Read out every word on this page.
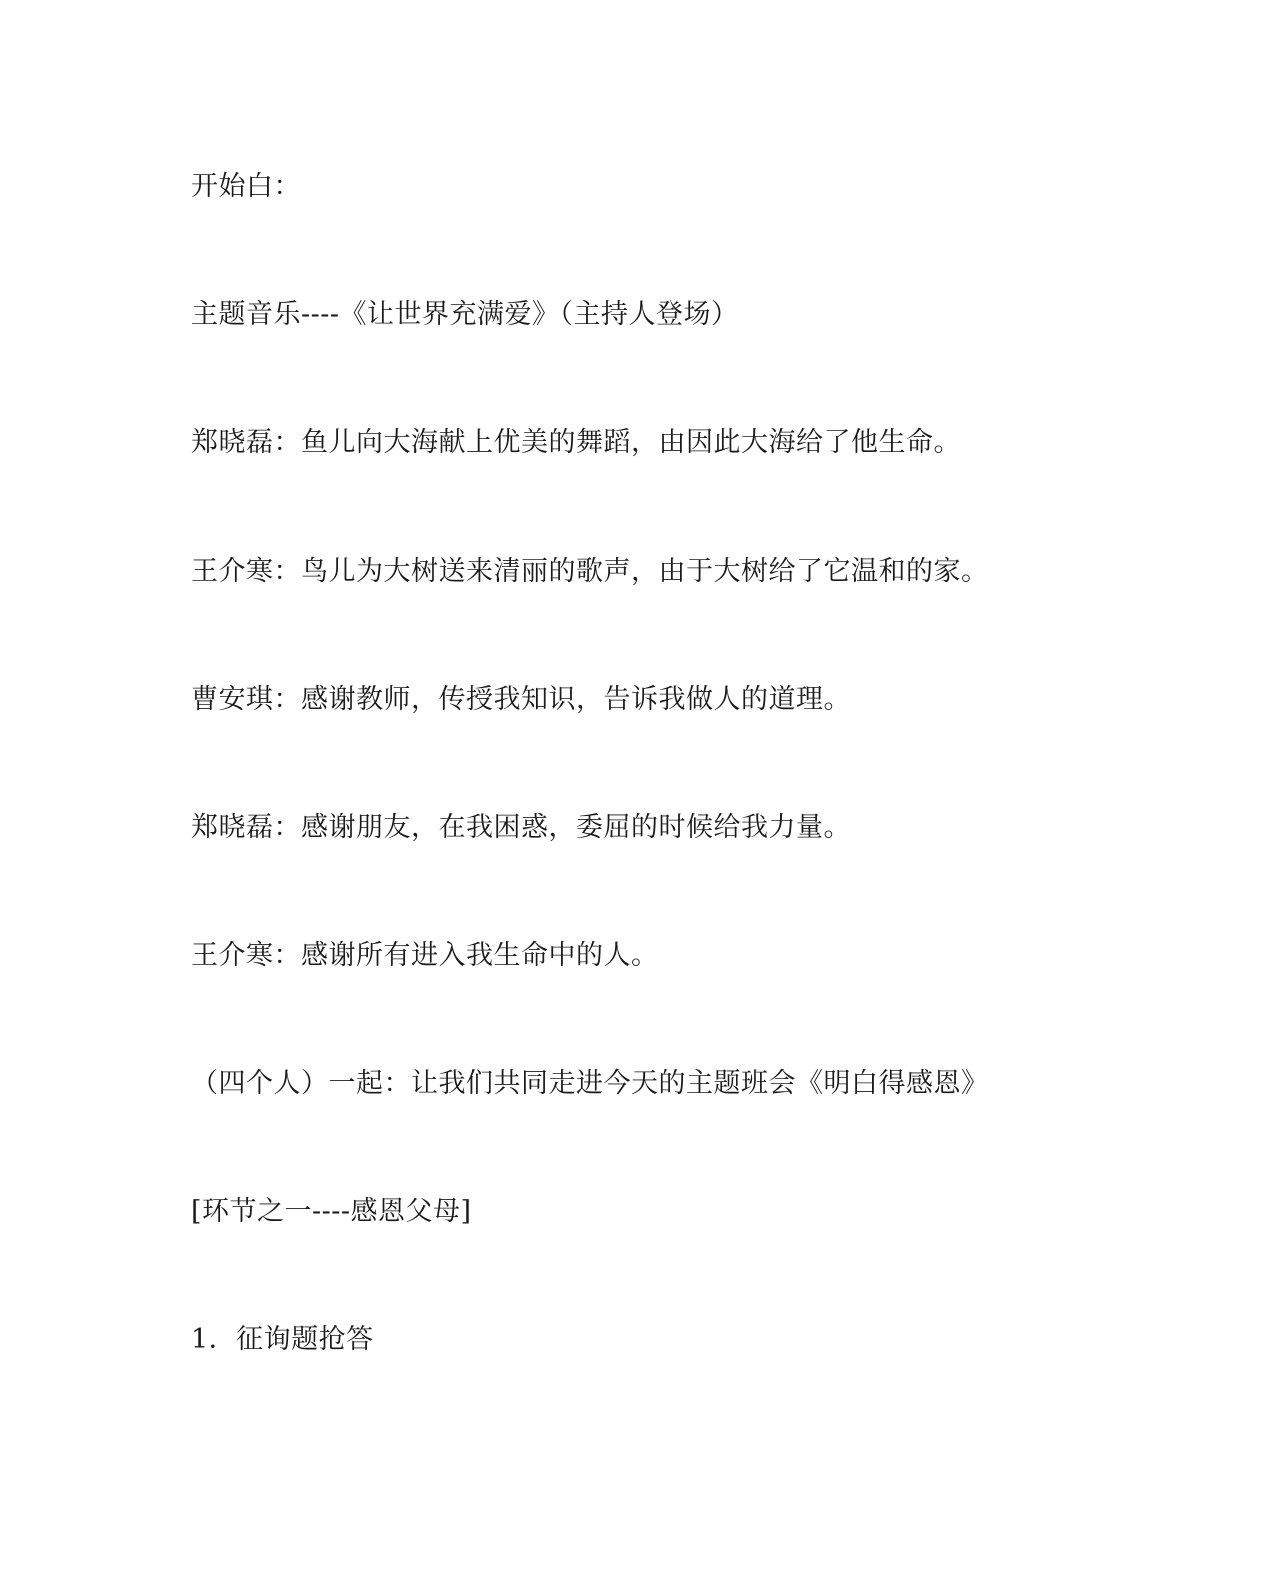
开始白：
主题音乐----《让世界充满爱》（主持人登场）
郑晓磊：鱼儿向大海献上优美的舞蹈，由因此大海给了他生命。
王介寒：鸟儿为大树送来清丽的歌声，由于大树给了它温和的家。
曹安琪：感谢教师，传授我知识，告诉我做人的道理。
郑晓磊：感谢朋友，在我困惑，委屈的时候给我力量。
王介寒：感谢所有进入我生命中的人。
（四个人）一起：让我们共同走进今天的主题班会《明白得感恩》
[环节之一----感恩父母]
1．征询题抢答
